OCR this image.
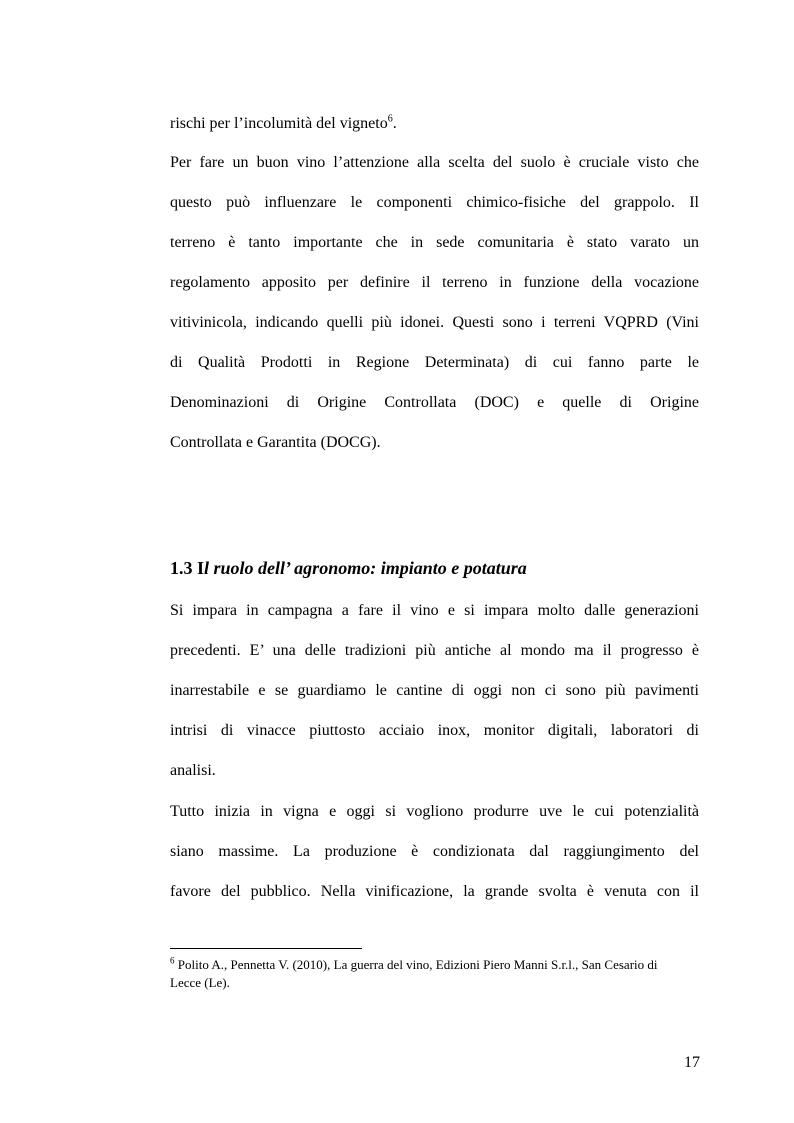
rischi per l’incolumità del vigneto$^6$.
Per fare un buon vino l’attenzione alla scelta del suolo è cruciale visto che
questo può influenzare le componenti chimico-fisiche del grappolo. Il
terreno è tanto importante che in sede comunitaria è stato varato un
regolamento apposito per definire il terreno in funzione della vocazione
vitivinicola, indicando quelli più idonei. Questi sono i terreni VQPRD (Vini
di Qualità Prodotti in Regione Determinata) di cui fanno parte le
Denominazioni di Origine Controllata (DOC) e quelle di Origine
Controllata e Garantita (DOCG).
1.3 Il ruolo dell’ agronomo: impianto e potatura
Si impara in campagna a fare il vino e si impara molto dalle generazioni
precedenti. E’ una delle tradizioni più antiche al mondo ma il progresso è
inarrestabile e se guardiamo le cantine di oggi non ci sono più pavimenti
intrisi di vinacce piuttosto acciaio inox, monitor digitali, laboratori di
analisi.
Tutto inizia in vigna e oggi si vogliono produrre uve le cui potenzialità
siano massime. La produzione è condizionata dal raggiungimento del
favore del pubblico. Nella vinificazione, la grande svolta è venuta con il
$^6$ Polito A., Pennetta V. (2010), La guerra del vino, Edizioni Piero Manni S.r.l., San Cesario di
Lecce (Le).
17
